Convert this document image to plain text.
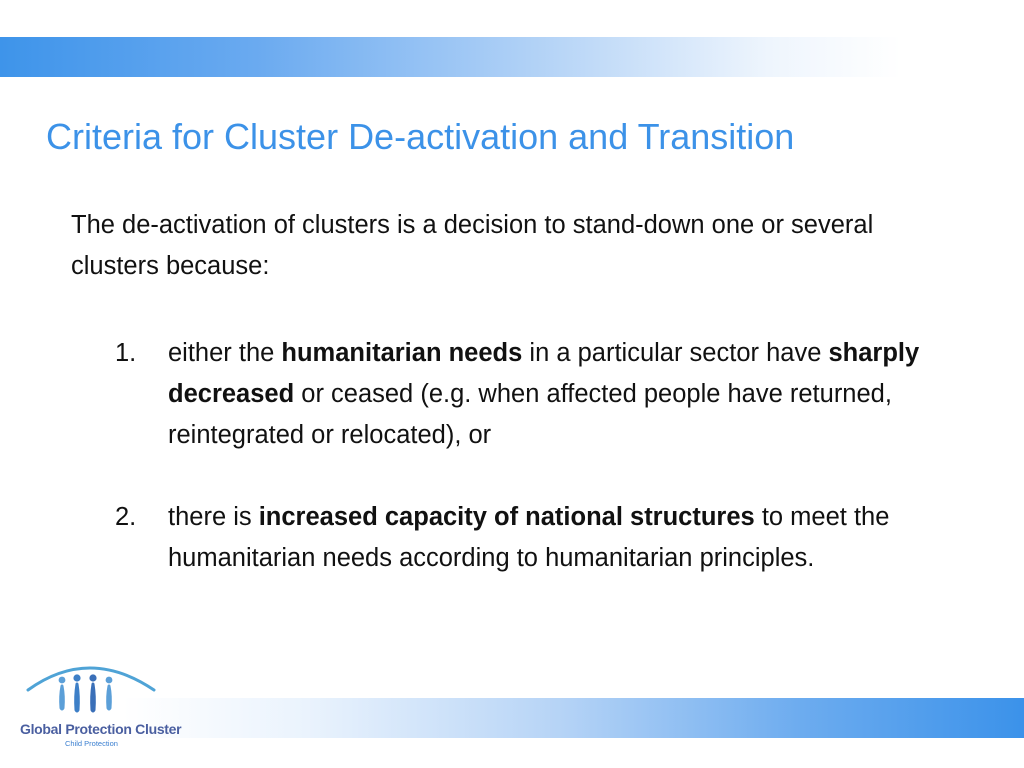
Criteria for Cluster De-activation and Transition

The de-activation of clusters is a decision to stand-down one or several clusters because:

1. either the humanitarian needs in a particular sector have sharply decreased or ceased (e.g. when affected people have returned, reintegrated or relocated), or
2. there is increased capacity of national structures to meet the humanitarian needs according to humanitarian principles.
Global Protection Cluster
Child Protection
